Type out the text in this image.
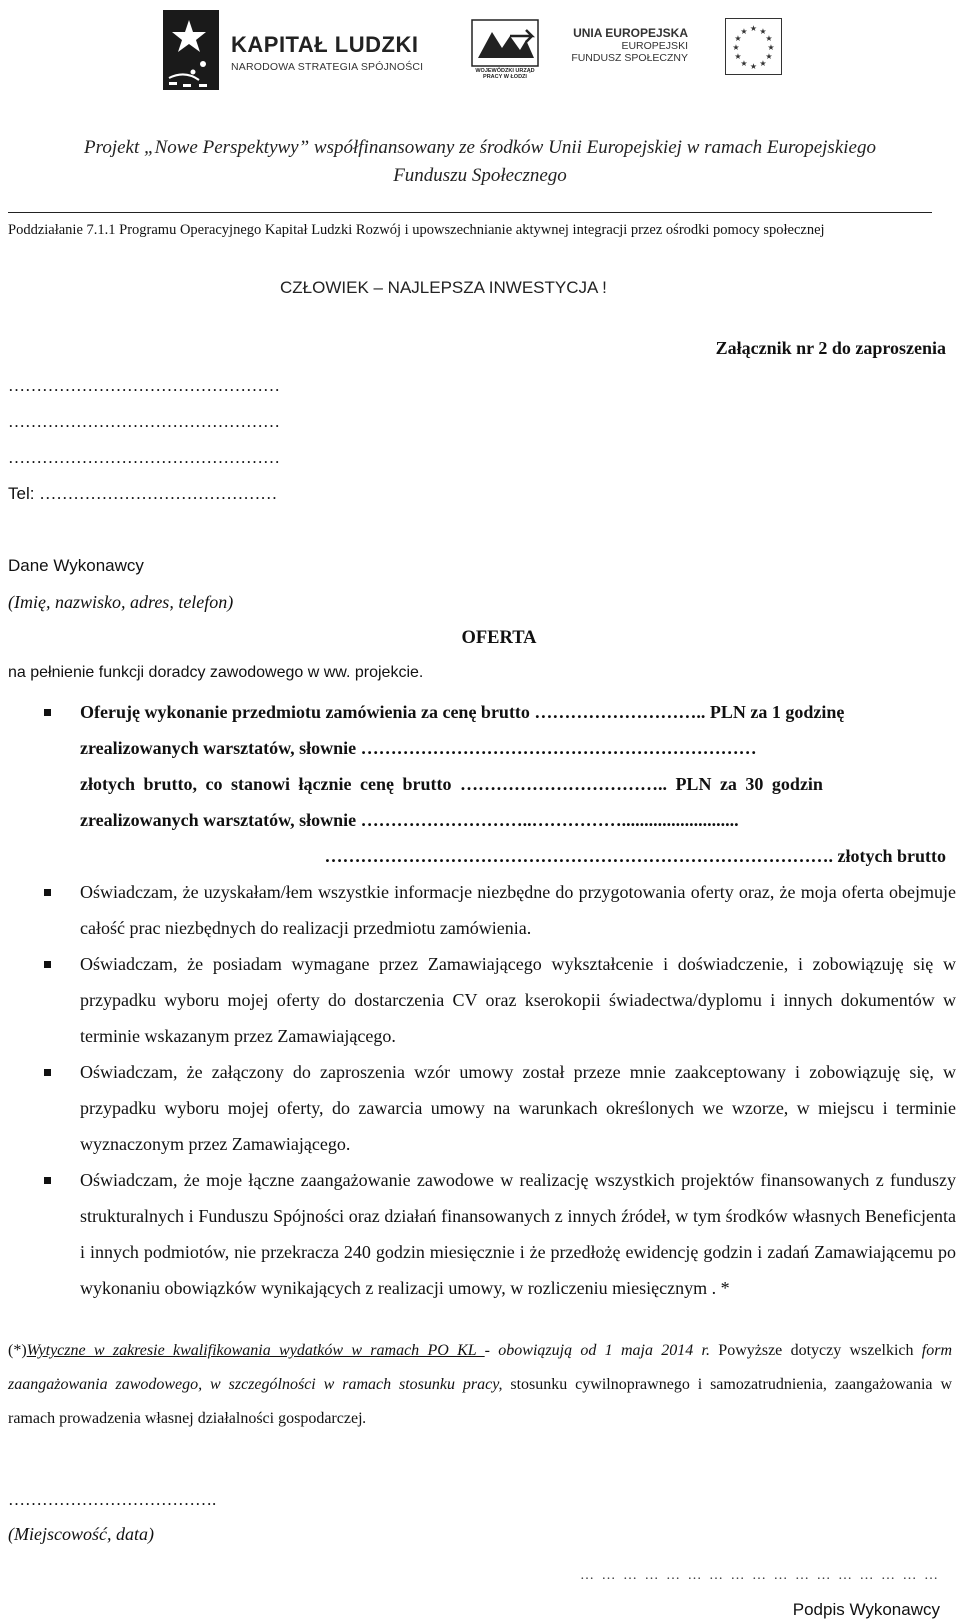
KAPITAŁ LUDZKI
NARODOWA STRATEGIA SPÓJNOŚCI	WOJEWÓDZKI URZĄD PRACY W ŁODZI
UNIA EUROPEJSKA
EUROPEJSKI
FUNDUSZ SPOŁECZNY
★ ★
★
★
★
★
★
★
★
★
★
★
Projekt „Nowe Perspektywy” współfinansowany ze środków Unii Europejskiej w ramach Europejskiego
Funduszu Społecznego
Poddziałanie 7.1.1 Programu Operacyjnego Kapitał Ludzki Rozwój i upowszechnianie aktywnej integracji przez ośrodki pomocy społecznej
CZŁOWIEK – NAJLEPSZA INWESTYCJA !
Załącznik nr 2 do zaproszenia
…………………………………………
…………………………………………
…………………………………………
Tel: ……………………………………
Dane Wykonawcy
(Imię, nazwisko, adres, telefon)
OFERTA
na pełnienie funkcji doradcy zawodowego w ww. projekcie.
Oferuję wykonanie przedmiotu zamówienia za cenę brutto ……………………….. PLN za 1 godzinę
zrealizowanych warsztatów, słownie …………………………………………………………
złotych brutto, co stanowi łącznie cenę brutto …………………………….. PLN za 30 godzin
zrealizowanych warsztatów, słownie ………………………..……………..........................
…………………………………………………………………………. złotych brutto
Oświadczam, że uzyskałam/łem wszystkie informacje niezbędne do przygotowania oferty oraz, że moja oferta obejmuje całość prac niezbędnych do realizacji przedmiotu zamówienia.
Oświadczam, że posiadam wymagane przez Zamawiającego wykształcenie i doświadczenie, i zobowiązuję się w przypadku wyboru mojej oferty do dostarczenia CV oraz kserokopii świadectwa/dyplomu i innych dokumentów w terminie wskazanym przez Zamawiającego.
Oświadczam, że załączony do zaproszenia wzór umowy został przeze mnie zaakceptowany i zobowiązuję się, w przypadku wyboru mojej oferty, do zawarcia umowy na warunkach określonych we wzorze, w miejscu i terminie wyznaczonym przez Zamawiającego.
Oświadczam, że moje łączne zaangażowanie zawodowe w realizację wszystkich projektów finansowanych z funduszy strukturalnych i Funduszu Spójności oraz działań finansowanych z innych źródeł, w tym środków własnych Beneficjenta i innych podmiotów, nie przekracza 240 godzin miesięcznie i że przedłożę ewidencję godzin i zadań Zamawiającemu po wykonaniu obowiązków wynikających z realizacji umowy, w rozliczeniu miesięcznym . *
(*)Wytyczne w zakresie kwalifikowania wydatków w ramach PO KL - obowiązują od 1 maja 2014 r. Powyższe dotyczy wszelkich form zaangażowania zawodowego, w szczególności w ramach stosunku pracy, stosunku cywilnoprawnego i samozatrudnienia, zaangażowania w ramach prowadzenia własnej działalności gospodarczej.
……………………………….
(Miejscowość, data)
… … … … … … … … … … … … … … … … …
Podpis Wykonawcy
